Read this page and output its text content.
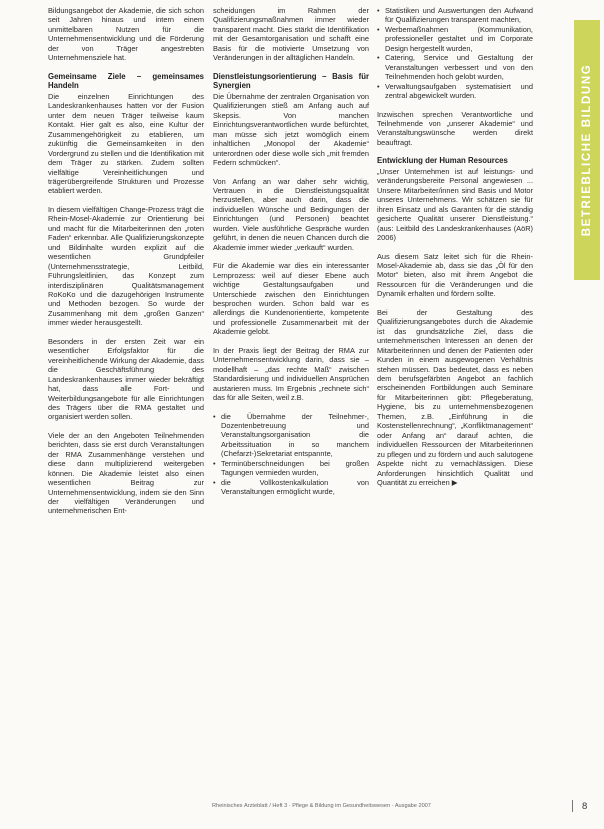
Bildungsangebot der Akademie, die sich schon seit Jahren hinaus und intern einem unmittelbaren Nutzen für die Unternehmensentwicklung und die Förderung der von Träger angestrebten Unternehmensziele hat.

Gemeinsame Ziele – gemeinsames Handeln

Die einzelnen Einrichtungen des Landeskrankenhauses hatten vor der Fusion unter dem neuen Träger teilweise kaum Kontakt. Hier galt es also, eine Kultur der Zusammengehörigkeit zu etablieren, um zukünftig die Gemeinsamkeiten in den Vordergrund zu stellen und die Identifikation mit dem Träger zu stärken. Zudem sollten vielfältige Vereinheitlichungen und trägerübergreifende Strukturen und Prozesse etabliert werden.

In diesem vielfältigen Change-Prozess trägt die Rhein-Mosel-Akademie zur Orientierung bei und macht für die Mitarbeiterinnen den „roten Faden“ erkennbar. Alle Qualifizierungskonzepte und Bildinhalte wurden explizit auf die wesentlichen Grundpfeiler (Unternehmensstrategie, Leitbild, Führungsleitlinien, das Konzept zum interdisziplinären Qualitätsmanagement RoKoKo und die dazugehörigen Instrumente und Methoden bezogen. So wurde der Zusammenhang mit dem „großen Ganzen“ immer wieder herausgestellt.

Besonders in der ersten Zeit war ein wesentlicher Erfolgsfaktor für die vereinheitlichende Wirkung der Akademie, dass die Geschäftsführung des Landeskrankenhauses immer wieder bekräftigt hat, dass alle Fort- und Weiterbildungsangebote für alle Einrichtungen des Trägers über die RMA gestaltet und organisiert werden sollen.

Viele der an den Angeboten Teilnehmenden berichten, dass sie erst durch Veranstaltungen der RMA Zusammenhänge verstehen und diese dann multiplizierend weitergeben können. Die Akademie leistet also einen wesentlichen Beitrag zur Unternehmensentwicklung, indem sie den Sinn der vielfältigen Veränderungen und unternehmerischen Ent-

scheidungen im Rahmen der Qualifizierungsmaßnahmen immer wieder transparent macht. Dies stärkt die Identifikation mit der Gesamtorganisation und schafft eine Basis für die motivierte Umsetzung von Veränderungen in der alltäglichen Handeln.

Dienstleistungsorientierung – Basis für Synergien

Die Übernahme der zentralen Organisation von Qualifizierungen stieß am Anfang auch auf Skepsis. Von manchen Einrichtungsverantwortlichen wurde befürchtet, man müsse sich jetzt womöglich einem inhaltlichen „Monopol der Akademie“ unterordnen oder diese wolle sich „mit fremden Federn schmücken“.

Von Anfang an war daher sehr wichtig, Vertrauen in die Dienstleistungsqualität herzustellen, aber auch darin, dass die individuellen Wünsche und Bedingungen der Einrichtungen (und Personen) beachtet wurden. Viele ausführliche Gespräche wurden geführt, in denen die neuen Chancen durch die Akademie immer wieder „verkauft“ wurden.

Für die Akademie war dies ein interessanter Lernprozess: weil auf dieser Ebene auch wichtige Gestaltungsaufgaben und Unterschiede zwischen den Einrichtungen besprochen wurden. Schon bald war es allerdings die Kundenorientierte, kompetente und professionelle Zusammenarbeit mit der Akademie gelobt.

In der Praxis liegt der Beitrag der RMA zur Unternehmensentwicklung darin, dass sie – modellhaft – „das rechte Maß“ zwischen Standardisierung und individuellen Ansprüchen austarieren muss. Im Ergebnis „rechnete sich“ das für alle Seiten, weil z.B.

• die Übernahme der Teilnehmer-, Dozentenbetreuung und Veranstaltungsorganisation die Arbeitssituation in so manchem (Chefarzt-)Sekretariat entspannte,
• Terminüberschneidungen bei großen Tagungen vermieden wurden,
• die Vollkostenkalkulation von Veranstaltungen ermöglicht wurde,
• Statistiken und Auswertungen den Aufwand für Qualifizierungen transparent machten,
• Werbemaßnahmen (Kommunikation, professioneller gestaltet und im Corporate Design hergestellt wurden,
• Catering, Service und Gestaltung der Veranstaltungen verbessert und von den Teilnehmenden hoch gelobt wurden,
• Verwaltungsaufgaben systematisiert und zentral abgewickelt wurden.

Inzwischen sprechen Verantwortliche und Teilnehmende von „unserer Akademie“ und Veranstaltungswünsche werden direkt beauftragt.

Entwicklung der Human Resources

„Unser Unternehmen ist auf leistungs- und veränderungsbereite Personal angewiesen ... Unsere Mitarbeiter/innen sind Basis und Motor unseres Unternehmens. Wir schätzen sie für ihren Einsatz und als Garanten für die ständig gesicherte Qualität unserer Dienstleistung.“ (aus: Leitbild des Landeskrankenhauses (AöR) 2006)

Aus diesem Satz leitet sich für die Rhein-Mosel-Akademie ab, dass sie das „Öl für den Motor“ bieten, also mit ihrem Angebot die Ressourcen für die Veränderungen und die Dynamik erhalten und fördern sollte.

Bei der Gestaltung des Qualifizierungsangebotes durch die Akademie ist das grundsätzliche Ziel, dass die unternehmerischen Interessen an denen der Mitarbeiterinnen und denen der Patienten oder Kunden in einem ausgewogenen Verhältnis stehen müssen. Das bedeutet, dass es neben dem berufsgefärbten Angebot an fachlich erscheinenden Fortbildungen auch Seminare für Mitarbeiterinnen gibt: Pflegeberatung, Hygiene, bis zu unternehmensbezogenen Themen, z.B. „Einführung in die Kostenstellenrechnung“, „Konfliktmanagement“ oder Anfang an“ darauf achten, die individuellen Ressourcen der Mitarbeiterinnen zu pflegen und zu fördern und auch salutogene Aspekte nicht zu vernachlässigen. Diese Anforderungen hinsichtlich Qualität und Quantität zu erreichen ▶

BETRIEBLICHE BILDUNG
Rheinisches Ärzteblatt / Heft 3 · Pflege & Bildung im Gesundheitswesen · Ausgabe 2007	8
